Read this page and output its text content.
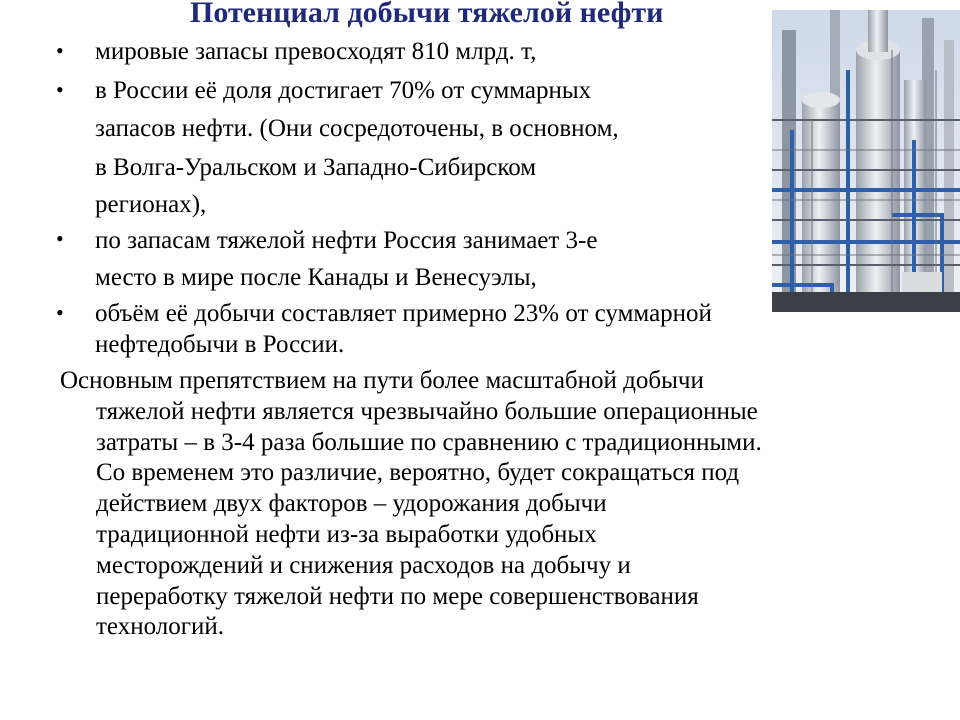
Потенциал добычи тяжелой нефти
• мировые запасы превосходят 810 млрд. т,
• в России её доля достигает 70% от суммарных
запасов нефти. (Они сосредоточены, в основном,
в Волга-Уральском и Западно-Сибирском
регионах),
• по запасам тяжелой нефти Россия занимает 3-е
место в мире после Канады и Венесуэлы,
• объём её добычи составляет примерно 23% от суммарной
нефтедобычи в России.
Основным препятствием на пути более масштабной добычи
тяжелой нефти является чрезвычайно большие операционные
затраты – в 3-4 раза большие по сравнению с традиционными.
Со временем это различие, вероятно, будет сокращаться под
действием двух факторов – удорожания добычи
традиционной нефти из-за выработки удобных
месторождений и снижения расходов на добычу и
переработку тяжелой нефти по мере совершенствования
технологий.
